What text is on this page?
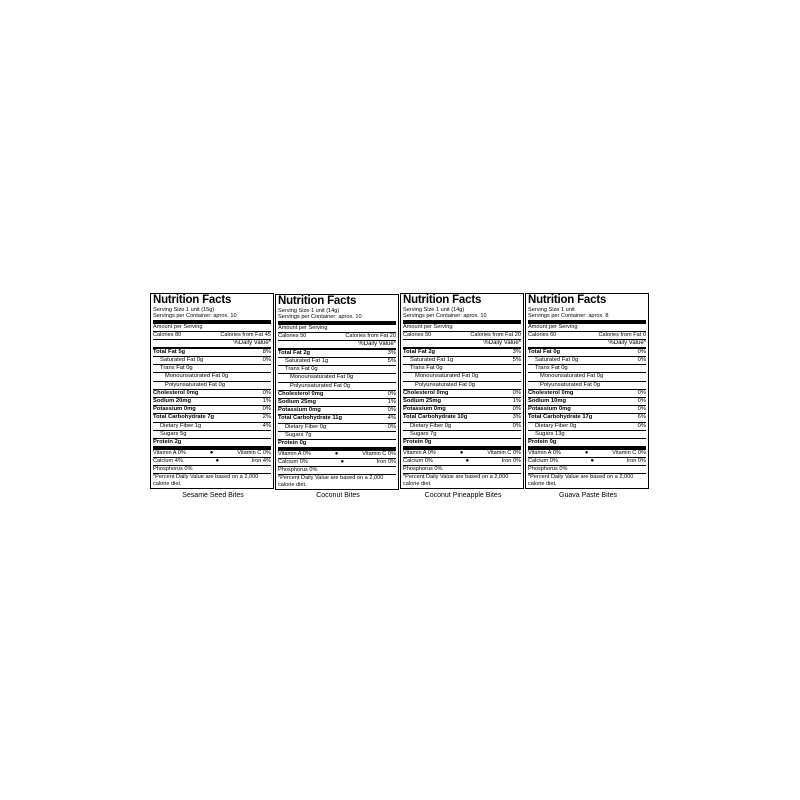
Nutrition Facts
Serving Size 1 unit (15g)
Servings per Container: aprox. 10
Amount per Serving
Calories 80	Calories from Fat 45
%Daily Value*
Total Fat 5g	8%
Saturated Fat 0g	0%
Trans Fat 0g
Monounsaturated Fat 0g
Polyunsaturated Fat 0g
Cholesterol 0mg	0%
Sodium 20mg	1%
Potassium 0mg	0%
Total Carbohydrate 7g	2%
Dietary Fiber 1g	4%
Sugars 5g
Protein 2g
Vitamin A 0%	●	Vitamin C 0%
Calcium 4%	●	Iron 4%
Phosphorus 0%
*Percent Daily Value are based on a 2,000 calorie diet.
Sesame Seed Bites
Nutrition Facts
Serving Size 1 unit (14g)
Servings per Container: aprox. 10
Amount per Serving
Calories 50	Calories from Fat 20
%Daily Value*
Total Fat 2g	3%
Saturated Fat 1g	5%
Trans Fat 0g
Monounsaturated Fat 0g
Polyunsaturated Fat 0g
Cholesterol 0mg	0%
Sodium 25mg	1%
Potassium 0mg	0%
Total Carbohydrate 11g	4%
Dietary Fiber 0g	0%
Sugars 7g
Protein 0g
Vitamin A 0%	●	Vitamin C 0%
Calcium 0%	●	Iron 0%
Phosphorus 0%
*Percent Daily Value are based on a 2,000 calorie diet.
Coconut Bites
Nutrition Facts
Serving Size 1 unit (14g)
Servings per Container: aprox. 10
Amount per Serving
Calories 50	Calories from Fat 20
%Daily Value*
Total Fat 2g	3%
Saturated Fat 1g	5%
Trans Fat 0g
Monounsaturated Fat 0g
Polyunsaturated Fat 0g
Cholesterol 0mg	0%
Sodium 25mg	1%
Potassium 0mg	0%
Total Carbohydrate 10g	3%
Dietary Fiber 0g	0%
Sugars 7g
Protein 0g
Vitamin A 0%	●	Vitamin C 0%
Calcium 0%	●	Iron 0%
Phosphorus 0%
*Percent Daily Value are based on a 2,000 calorie diet.
Coconut Pineapple Bites
Nutrition Facts
Serving Size 1 unit
Servings per Container: aprox. 8
Amount per Serving
Calories 60	Calories from Fat 0
%Daily Value*
Total Fat 0g	0%
Saturated Fat 0g	0%
Trans Fat 0g
Monounsaturated Fat 0g
Polyunsaturated Fat 0g
Cholesterol 0mg	0%
Sodium 10mg	0%
Potassium 0mg	0%
Total Carbohydrate 17g	6%
Dietary Fiber 0g	0%
Sugars 13g
Protein 0g
Vitamin A 0%	●	Vitamin C 0%
Calcium 0%	●	Iron 0%
Phosphorus 0%
*Percent Daily Value are based on a 2,000 calorie diet.
Guava Paste Bites
